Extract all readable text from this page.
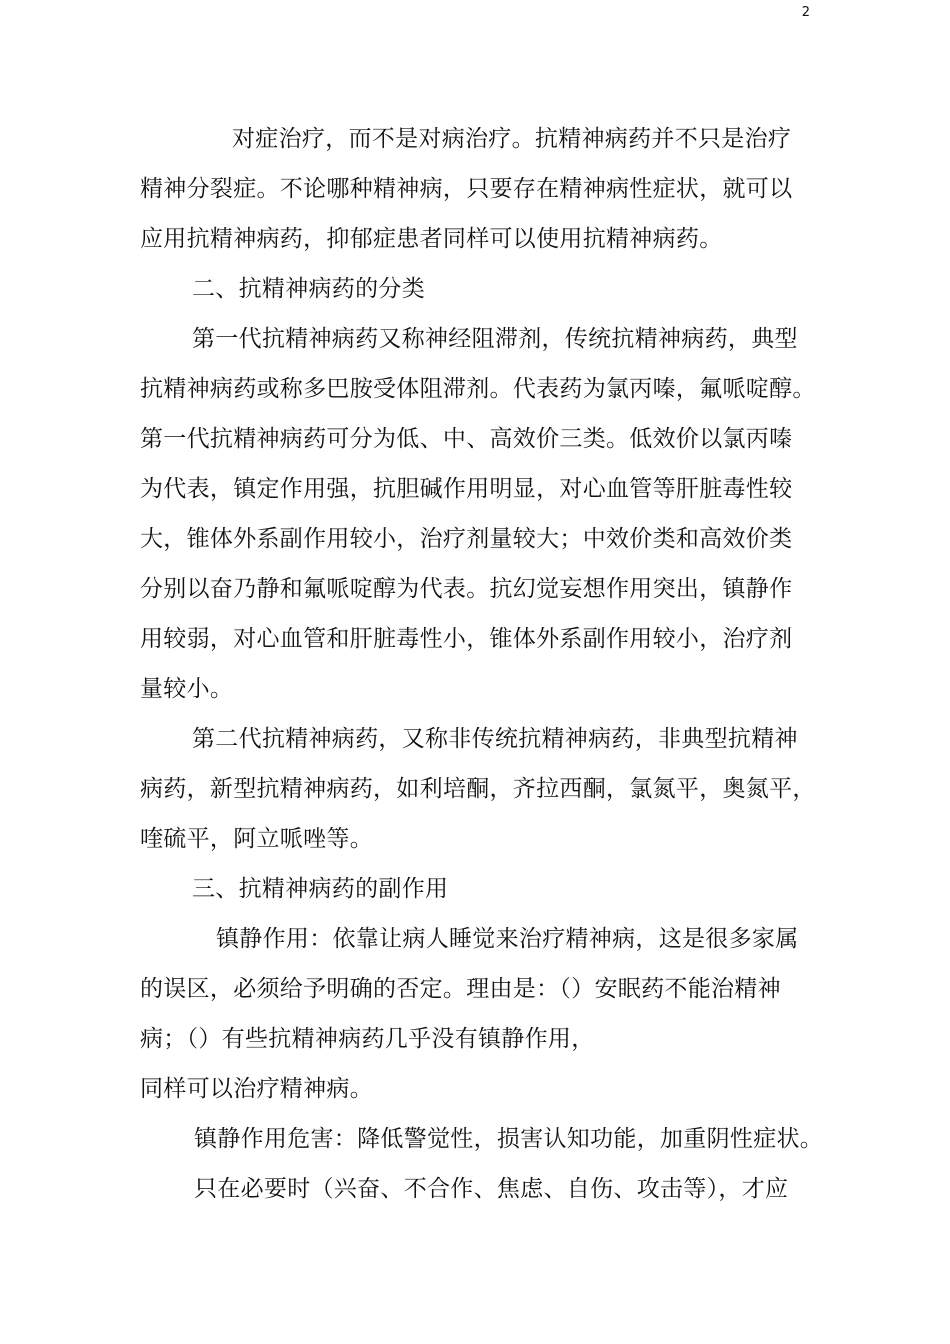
2
对症治疗，而不是对病治疗。抗精神病药并不只是治疗
精神分裂症。不论哪种精神病，只要存在精神病性症状，就可以
应用抗精神病药，抑郁症患者同样可以使用抗精神病药。
二、抗精神病药的分类
第一代抗精神病药又称神经阻滞剂，传统抗精神病药，典型
抗精神病药或称多巴胺受体阻滞剂。代表药为氯丙嗪，氟哌啶醇。
第一代抗精神病药可分为低、中、高效价三类。低效价以氯丙嗪
为代表，镇定作用强，抗胆碱作用明显，对心血管等肝脏毒性较
大，锥体外系副作用较小，治疗剂量较大；中效价类和高效价类
分别以奋乃静和氟哌啶醇为代表。抗幻觉妄想作用突出，镇静作
用较弱，对心血管和肝脏毒性小，锥体外系副作用较小，治疗剂
量较小。
第二代抗精神病药，又称非传统抗精神病药，非典型抗精神
病药，新型抗精神病药，如利培酮，齐拉西酮，氯氮平，奥氮平，
喹硫平，阿立哌唑等。
三、抗精神病药的副作用
镇静作用：依靠让病人睡觉来治疗精神病，这是很多家属
的误区，必须给予明确的否定。理由是：（）安眠药不能治精神
病；（）有些抗精神病药几乎没有镇静作用，
同样可以治疗精神病。
镇静作用危害：降低警觉性，损害认知功能，加重阴性症状。
只在必要时（兴奋、不合作、焦虑、自伤、攻击等），才应
